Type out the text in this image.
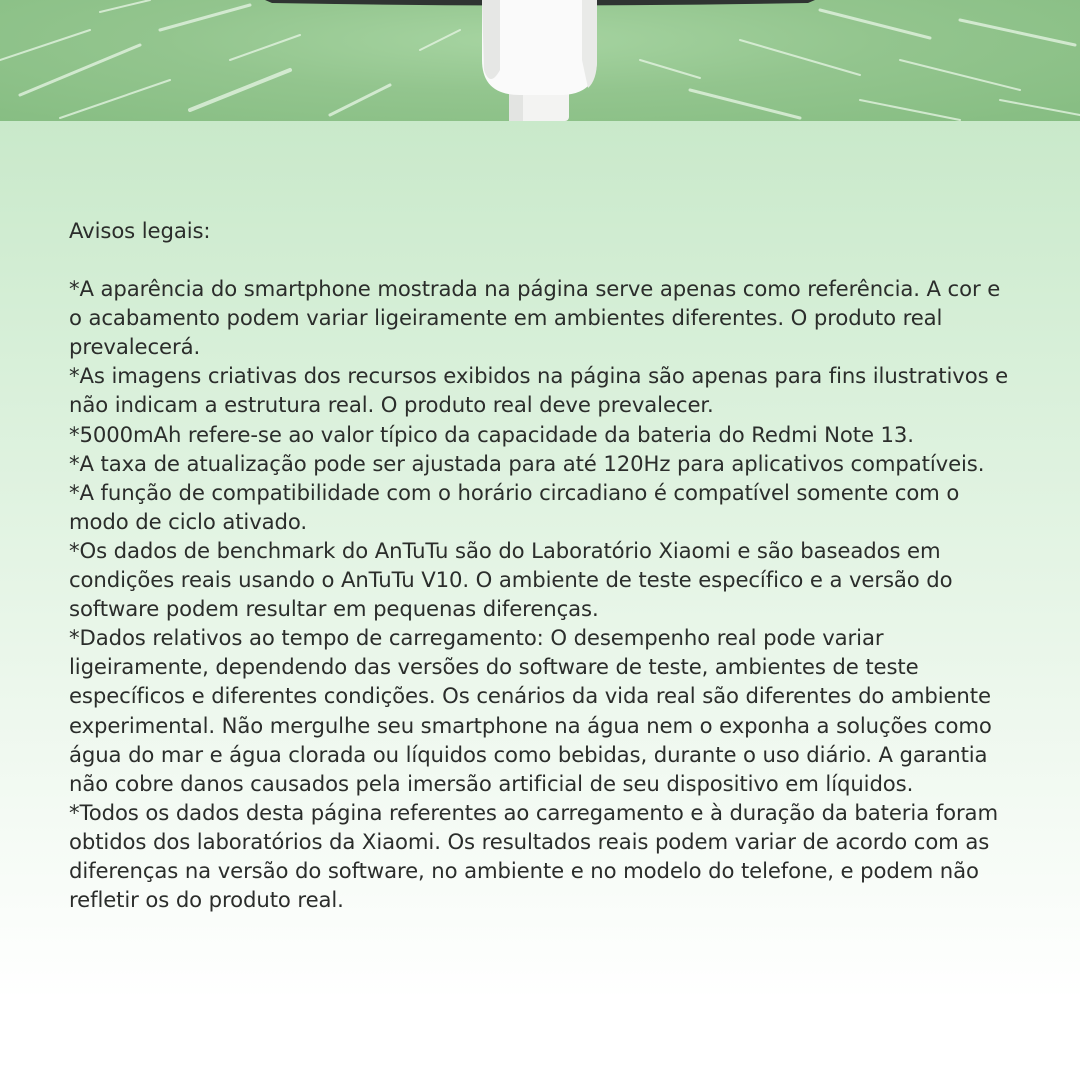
Avisos legais:

*A aparência do smartphone mostrada na página serve apenas como referência. A cor e o acabamento podem variar ligeiramente em ambientes diferentes. O produto real prevalecerá.

*As imagens criativas dos recursos exibidos na página são apenas para fins ilustrativos e não indicam a estrutura real. O produto real deve prevalecer.

*5000mAh refere-se ao valor típico da capacidade da bateria do Redmi Note 13.

*A taxa de atualização pode ser ajustada para até 120Hz para aplicativos compatíveis.

*A função de compatibilidade com o horário circadiano é compatível somente com o modo de ciclo ativado.

*Os dados de benchmark do AnTuTu são do Laboratório Xiaomi e são baseados em condições reais usando o AnTuTu V10. O ambiente de teste específico e a versão do software podem resultar em pequenas diferenças.

*Dados relativos ao tempo de carregamento: O desempenho real pode variar ligeiramente, dependendo das versões do software de teste, ambientes de teste específicos e diferentes condições. Os cenários da vida real são diferentes do ambiente experimental. Não mergulhe seu smartphone na água nem o exponha a soluções como água do mar e água clorada ou líquidos como bebidas, durante o uso diário. A garantia não cobre danos causados pela imersão artificial de seu dispositivo em líquidos.

*Todos os dados desta página referentes ao carregamento e à duração da bateria foram obtidos dos laboratórios da Xiaomi. Os resultados reais podem variar de acordo com as diferenças na versão do software, no ambiente e no modelo do telefone, e podem não refletir os do produto real.
